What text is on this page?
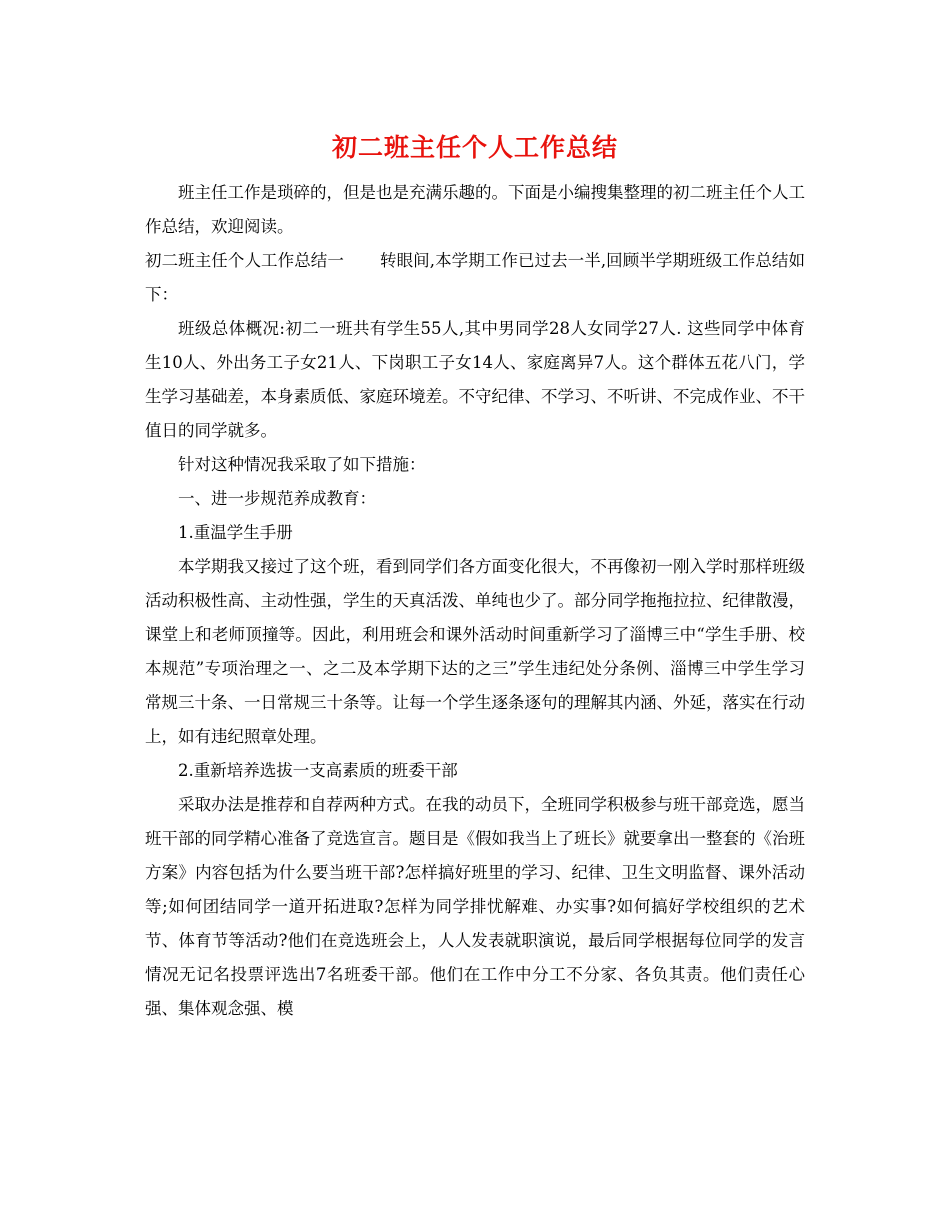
初二班主任个人工作总结

班主任工作是琐碎的，但是也是充满乐趣的。下面是小编搜集整理的初二班主任个人工作总结，欢迎阅读。

初二班主任个人工作总结一 转眼间,本学期工作已过去一半,回顾半学期班级工作总结如下：

班级总体概况:初二一班共有学生55人,其中男同学28人女同学27人. 这些同学中体育生10人、外出务工子女21人、下岗职工子女14人、家庭离异7人。这个群体五花八门，学生学习基础差，本身素质低、家庭环境差。不守纪律、不学习、不听讲、不完成作业、不干值日的同学就多。

针对这种情况我采取了如下措施：

一、进一步规范养成教育：

1.重温学生手册

本学期我又接过了这个班，看到同学们各方面变化很大，不再像初一刚入学时那样班级活动积极性高、主动性强，学生的天真活泼、单纯也少了。部分同学拖拖拉拉、纪律散漫，课堂上和老师顶撞等。因此，利用班会和课外活动时间重新学习了淄博三中“学生手册、校本规范”专项治理之一、之二及本学期下达的之三”学生违纪处分条例、淄博三中学生学习常规三十条、一日常规三十条等。让每一个学生逐条逐句的理解其内涵、外延，落实在行动上，如有违纪照章处理。

2.重新培养选拔一支高素质的班委干部

采取办法是推荐和自荐两种方式。在我的动员下，全班同学积极参与班干部竞选，愿当班干部的同学精心准备了竞选宣言。题目是《假如我当上了班长》就要拿出一整套的《治班方案》内容包括为什么要当班干部?怎样搞好班里的学习、纪律、卫生文明监督、课外活动等;如何团结同学一道开拓进取?怎样为同学排忧解难、办实事?如何搞好学校组织的艺术节、体育节等活动?他们在竞选班会上，人人发表就职演说，最后同学根据每位同学的发言情况无记名投票评选出7名班委干部。他们在工作中分工不分家、各负其责。他们责任心强、集体观念强、模
